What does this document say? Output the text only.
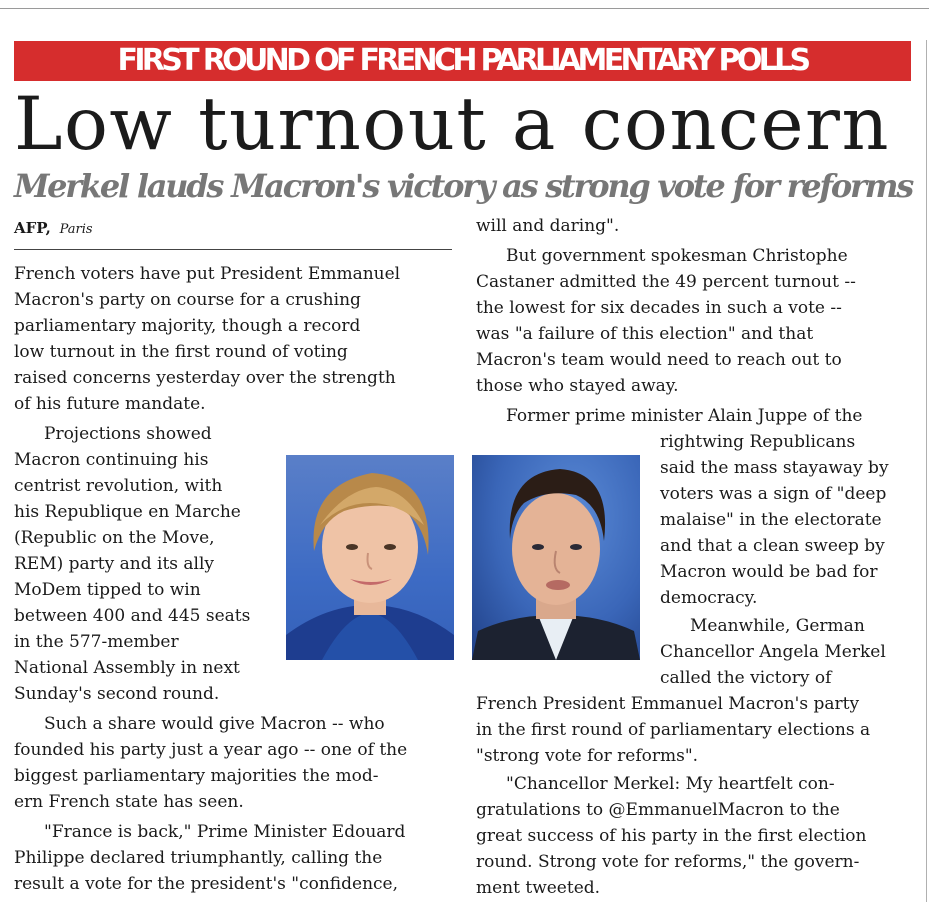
FIRST ROUND OF FRENCH PARLIAMENTARY POLLS
Low turnout a concern
Merkel lauds Macron's victory as strong vote for reforms
AFP, Paris
French voters have put President Emmanuel
Macron's party on course for a crushing
parliamentary majority, though a record
low turnout in the first round of voting
raised concerns yesterday over the strength
of his future mandate.
Projections showed
Macron continuing his
centrist revolution, with
his Republique en Marche
(Republic on the Move,
REM) party and its ally
MoDem tipped to win
between 400 and 445 seats
in the 577-member
National Assembly in next
Sunday's second round.
Such a share would give Macron -- who
founded his party just a year ago -- one of the
biggest parliamentary majorities the mod-
ern French state has seen.
"France is back," Prime Minister Edouard
Philippe declared triumphantly, calling the
result a vote for the president's "confidence,
will and daring".
But government spokesman Christophe
Castaner admitted the 49 percent turnout --
the lowest for six decades in such a vote --
was "a failure of this election" and that
Macron's team would need to reach out to
those who stayed away.
Former prime minister Alain Juppe of the
rightwing Republicans
said the mass stayaway by
voters was a sign of "deep
malaise" in the electorate
and that a clean sweep by
Macron would be bad for
democracy.
Meanwhile, German
Chancellor Angela Merkel
called the victory of
French President Emmanuel Macron's party
in the first round of parliamentary elections a
"strong vote for reforms".
"Chancellor Merkel: My heartfelt con-
gratulations to @EmmanuelMacron to the
great success of his party in the first election
round. Strong vote for reforms," the govern-
ment tweeted.
